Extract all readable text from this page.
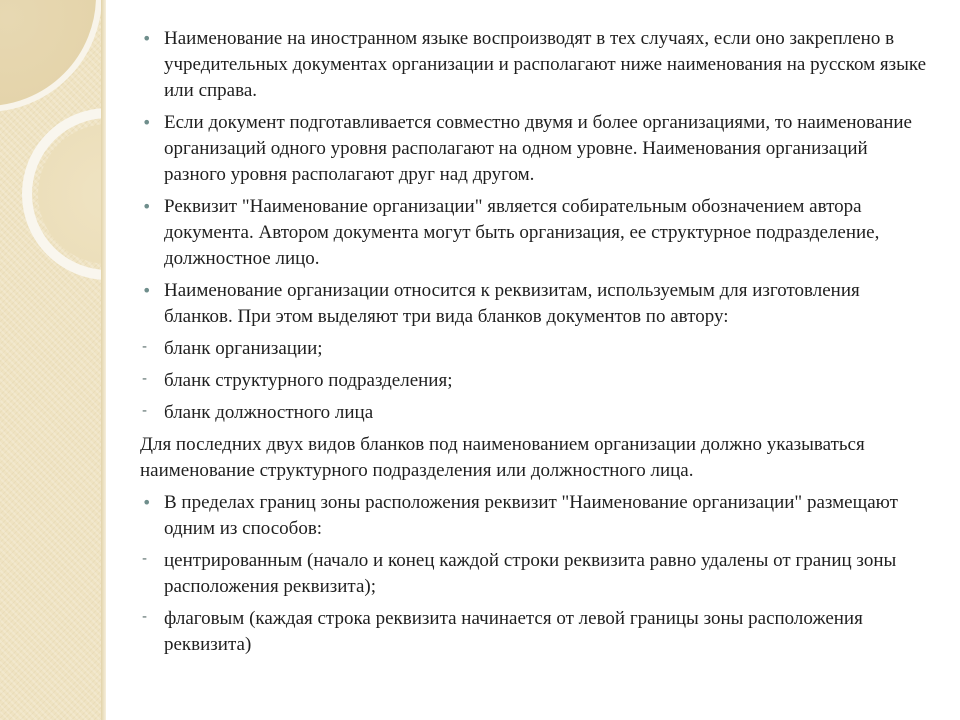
• Наименование на иностранном языке воспроизводят в тех случаях, если оно закреплено в учредительных документах организации и располагают ниже наименования на русском языке или справа.
• Если документ подготавливается совместно двумя и более организациями, то наименование организаций одного уровня располагают на одном уровне. Наименования организаций разного уровня располагают друг над другом.
• Реквизит "Наименование организации" является собирательным обозначением автора документа. Автором документа могут быть организация, ее структурное подразделение, должностное лицо.
• Наименование организации относится к реквизитам, используемым для изготовления бланков. При этом выделяют три вида бланков документов по автору:
- бланк организации;
- бланк структурного подразделения;
- бланк должностного лица
Для последних двух видов бланков под наименованием организации должно указываться наименование структурного подразделения или должностного лица.
• В пределах границ зоны расположения реквизит "Наименование организации" размещают одним из способов:
- центрированным (начало и конец каждой строки реквизита равно удалены от границ зоны расположения реквизита);
- флаговым (каждая строка реквизита начинается от левой границы зоны расположения реквизита)
